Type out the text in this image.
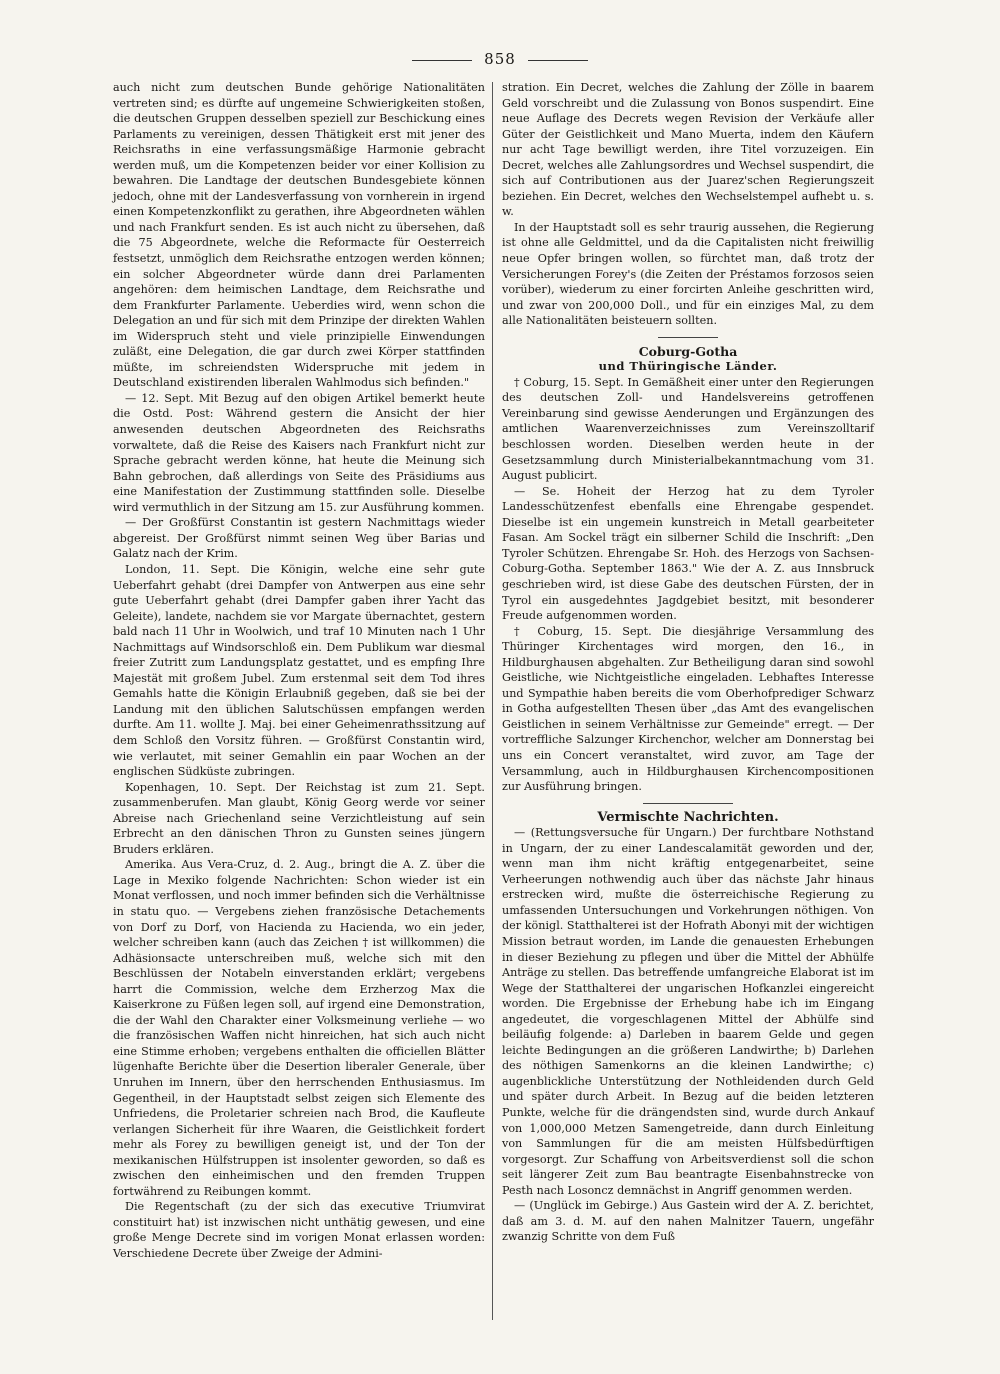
858

auch nicht zum deutschen Bunde gehörige Nationalitäten vertreten sind; es dürfte auf ungemeine Schwierigkeiten stoßen, die deutschen Gruppen desselben speziell zur Beschickung eines Parlaments zu vereinigen, dessen Thätigkeit erst mit jener des Reichsraths in eine verfassungsmäßige Harmonie gebracht werden muß, um die Kompetenzen beider vor einer Kollision zu bewahren. Die Landtage der deutschen Bundesgebiete können jedoch, ohne mit der Landesverfassung von vornherein in irgend einen Kompetenzkonflikt zu gerathen, ihre Abgeordneten wählen und nach Frankfurt senden. Es ist auch nicht zu übersehen, daß die 75 Abgeordnete, welche die Reformacte für Oesterreich festsetzt, unmöglich dem Reichsrathe entzogen werden können; ein solcher Abgeordneter würde dann drei Parlamenten angehören: dem heimischen Landtage, dem Reichsrathe und dem Frankfurter Parlamente. Ueberdies wird, wenn schon die Delegation an und für sich mit dem Prinzipe der direkten Wahlen im Widerspruch steht und viele prinzipielle Einwendungen zuläßt, eine Delegation, die gar durch zwei Körper stattfinden müßte, im schreiendsten Widerspruche mit jedem in Deutschland existirenden liberalen Wahlmodus sich befinden."

— 12. Sept. Mit Bezug auf den obigen Artikel bemerkt heute die Ostd. Post: Während gestern die Ansicht der hier anwesenden deutschen Abgeordneten des Reichsraths vorwaltete, daß die Reise des Kaisers nach Frankfurt nicht zur Sprache gebracht werden könne, hat heute die Meinung sich Bahn gebrochen, daß allerdings von Seite des Präsidiums aus eine Manifestation der Zustimmung stattfinden solle. Dieselbe wird vermuthlich in der Sitzung am 15. zur Ausführung kommen.

— Der Großfürst Constantin ist gestern Nachmittags wieder abgereist. Der Großfürst nimmt seinen Weg über Barias und Galatz nach der Krim.

London, 11. Sept. Die Königin, welche eine sehr gute Ueberfahrt gehabt (drei Dampfer von Antwerpen aus eine sehr gute Ueberfahrt gehabt (drei Dampfer gaben ihrer Yacht das Geleite), landete, nachdem sie vor Margate übernachtet, gestern bald nach 11 Uhr in Woolwich, und traf 10 Minuten nach 1 Uhr Nachmittags auf Windsorschloß ein. Dem Publikum war diesmal freier Zutritt zum Landungsplatz gestattet, und es empfing Ihre Majestät mit großem Jubel. Zum erstenmal seit dem Tod ihres Gemahls hatte die Königin Erlaubniß gegeben, daß sie bei der Landung mit den üblichen Salutschüssen empfangen werden durfte. Am 11. wollte J. Maj. bei einer Geheimenrathssitzung auf dem Schloß den Vorsitz führen. — Großfürst Constantin wird, wie verlautet, mit seiner Gemahlin ein paar Wochen an der englischen Südküste zubringen.

Kopenhagen, 10. Sept. Der Reichstag ist zum 21. Sept. zusammenberufen. Man glaubt, König Georg werde vor seiner Abreise nach Griechenland seine Verzichtleistung auf sein Erbrecht an den dänischen Thron zu Gunsten seines jüngern Bruders erklären.

Amerika. Aus Vera-Cruz, d. 2. Aug., bringt die A. Z. über die Lage in Mexiko folgende Nachrichten: Schon wieder ist ein Monat verflossen, und noch immer befinden sich die Verhältnisse in statu quo. — Vergebens ziehen französische Detachements von Dorf zu Dorf, von Hacienda zu Hacienda, wo ein jeder, welcher schreiben kann (auch das Zeichen † ist willkommen) die Adhäsionsacte unterschreiben muß, welche sich mit den Beschlüssen der Notabeln einverstanden erklärt; vergebens harrt die Commission, welche dem Erzherzog Max die Kaiserkrone zu Füßen legen soll, auf irgend eine Demonstration, die der Wahl den Charakter einer Volksmeinung verliehe — wo die französischen Waffen nicht hinreichen, hat sich auch nicht eine Stimme erhoben; vergebens enthalten die officiellen Blätter lügenhafte Berichte über die Desertion liberaler Generale, über Unruhen im Innern, über den herrschenden Enthusiasmus. Im Gegentheil, in der Hauptstadt selbst zeigen sich Elemente des Unfriedens, die Proletarier schreien nach Brod, die Kaufleute verlangen Sicherheit für ihre Waaren, die Geistlichkeit fordert mehr als Forey zu bewilligen geneigt ist, und der Ton der mexikanischen Hülfstruppen ist insolenter geworden, so daß es zwischen den einheimischen und den fremden Truppen fortwährend zu Reibungen kommt.

Die Regentschaft (zu der sich das executive Triumvirat constituirt hat) ist inzwischen nicht unthätig gewesen, und eine große Menge Decrete sind im vorigen Monat erlassen worden: Verschiedene Decrete über Zweige der Admini-

stration. Ein Decret, welches die Zahlung der Zölle in baarem Geld vorschreibt und die Zulassung von Bonos suspendirt. Eine neue Auflage des Decrets wegen Revision der Verkäufe aller Güter der Geistlichkeit und Mano Muerta, indem den Käufern nur acht Tage bewilligt werden, ihre Titel vorzuzeigen. Ein Decret, welches alle Zahlungsordres und Wechsel suspendirt, die sich auf Contributionen aus der Juarez'schen Regierungszeit beziehen. Ein Decret, welches den Wechselstempel aufhebt u. s. w.

In der Hauptstadt soll es sehr traurig aussehen, die Regierung ist ohne alle Geldmittel, und da die Capitalisten nicht freiwillig neue Opfer bringen wollen, so fürchtet man, daß trotz der Versicherungen Forey's (die Zeiten der Préstamos forzosos seien vorüber), wiederum zu einer forcirten Anleihe geschritten wird, und zwar von 200,000 Doll., und für ein einziges Mal, zu dem alle Nationalitäten beisteuern sollten.

Coburg-Gotha

und Thüringische Länder.

† Coburg, 15. Sept. In Gemäßheit einer unter den Regierungen des deutschen Zoll- und Handelsvereins getroffenen Vereinbarung sind gewisse Aenderungen und Ergänzungen des amtlichen Waarenverzeichnisses zum Vereinszolltarif beschlossen worden. Dieselben werden heute in der Gesetzsammlung durch Ministerialbekanntmachung vom 31. August publicirt.

— Se. Hoheit der Herzog hat zu dem Tyroler Landesschützenfest ebenfalls eine Ehrengabe gespendet. Dieselbe ist ein ungemein kunstreich in Metall gearbeiteter Fasan. Am Sockel trägt ein silberner Schild die Inschrift: „Den Tyroler Schützen. Ehrengabe Sr. Hoh. des Herzogs von Sachsen-Coburg-Gotha. September 1863." Wie der A. Z. aus Innsbruck geschrieben wird, ist diese Gabe des deutschen Fürsten, der in Tyrol ein ausgedehntes Jagdgebiet besitzt, mit besonderer Freude aufgenommen worden.

† Coburg, 15. Sept. Die diesjährige Versammlung des Thüringer Kirchentages wird morgen, den 16., in Hildburghausen abgehalten. Zur Betheiligung daran sind sowohl Geistliche, wie Nichtgeistliche eingeladen. Lebhaftes Interesse und Sympathie haben bereits die vom Oberhofprediger Schwarz in Gotha aufgestellten Thesen über „das Amt des evangelischen Geistlichen in seinem Verhältnisse zur Gemeinde" erregt. — Der vortreffliche Salzunger Kirchenchor, welcher am Donnerstag bei uns ein Concert veranstaltet, wird zuvor, am Tage der Versammlung, auch in Hildburghausen Kirchencompositionen zur Ausführung bringen.

Vermischte Nachrichten.

— (Rettungsversuche für Ungarn.) Der furchtbare Nothstand in Ungarn, der zu einer Landescalamität geworden und der, wenn man ihm nicht kräftig entgegenarbeitet, seine Verheerungen nothwendig auch über das nächste Jahr hinaus erstrecken wird, mußte die österreichische Regierung zu umfassenden Untersuchungen und Vorkehrungen nöthigen. Von der königl. Statthalterei ist der Hofrath Abonyi mit der wichtigen Mission betraut worden, im Lande die genauesten Erhebungen in dieser Beziehung zu pflegen und über die Mittel der Abhülfe Anträge zu stellen. Das betreffende umfangreiche Elaborat ist im Wege der Statthalterei der ungarischen Hofkanzlei eingereicht worden. Die Ergebnisse der Erhebung habe ich im Eingang angedeutet, die vorgeschlagenen Mittel der Abhülfe sind beiläufig folgende: a) Darleben in baarem Gelde und gegen leichte Bedingungen an die größeren Landwirthe; b) Darlehen des nöthigen Samenkorns an die kleinen Landwirthe; c) augenblickliche Unterstützung der Nothleidenden durch Geld und später durch Arbeit. In Bezug auf die beiden letzteren Punkte, welche für die drängendsten sind, wurde durch Ankauf von 1,000,000 Metzen Samengetreide, dann durch Einleitung von Sammlungen für die am meisten Hülfsbedürftigen vorgesorgt. Zur Schaffung von Arbeitsverdienst soll die schon seit längerer Zeit zum Bau beantragte Eisenbahnstrecke von Pesth nach Losoncz demnächst in Angriff genommen werden.

— (Unglück im Gebirge.) Aus Gastein wird der A. Z. berichtet, daß am 3. d. M. auf den nahen Malnitzer Tauern, ungefähr zwanzig Schritte von dem Fuß
